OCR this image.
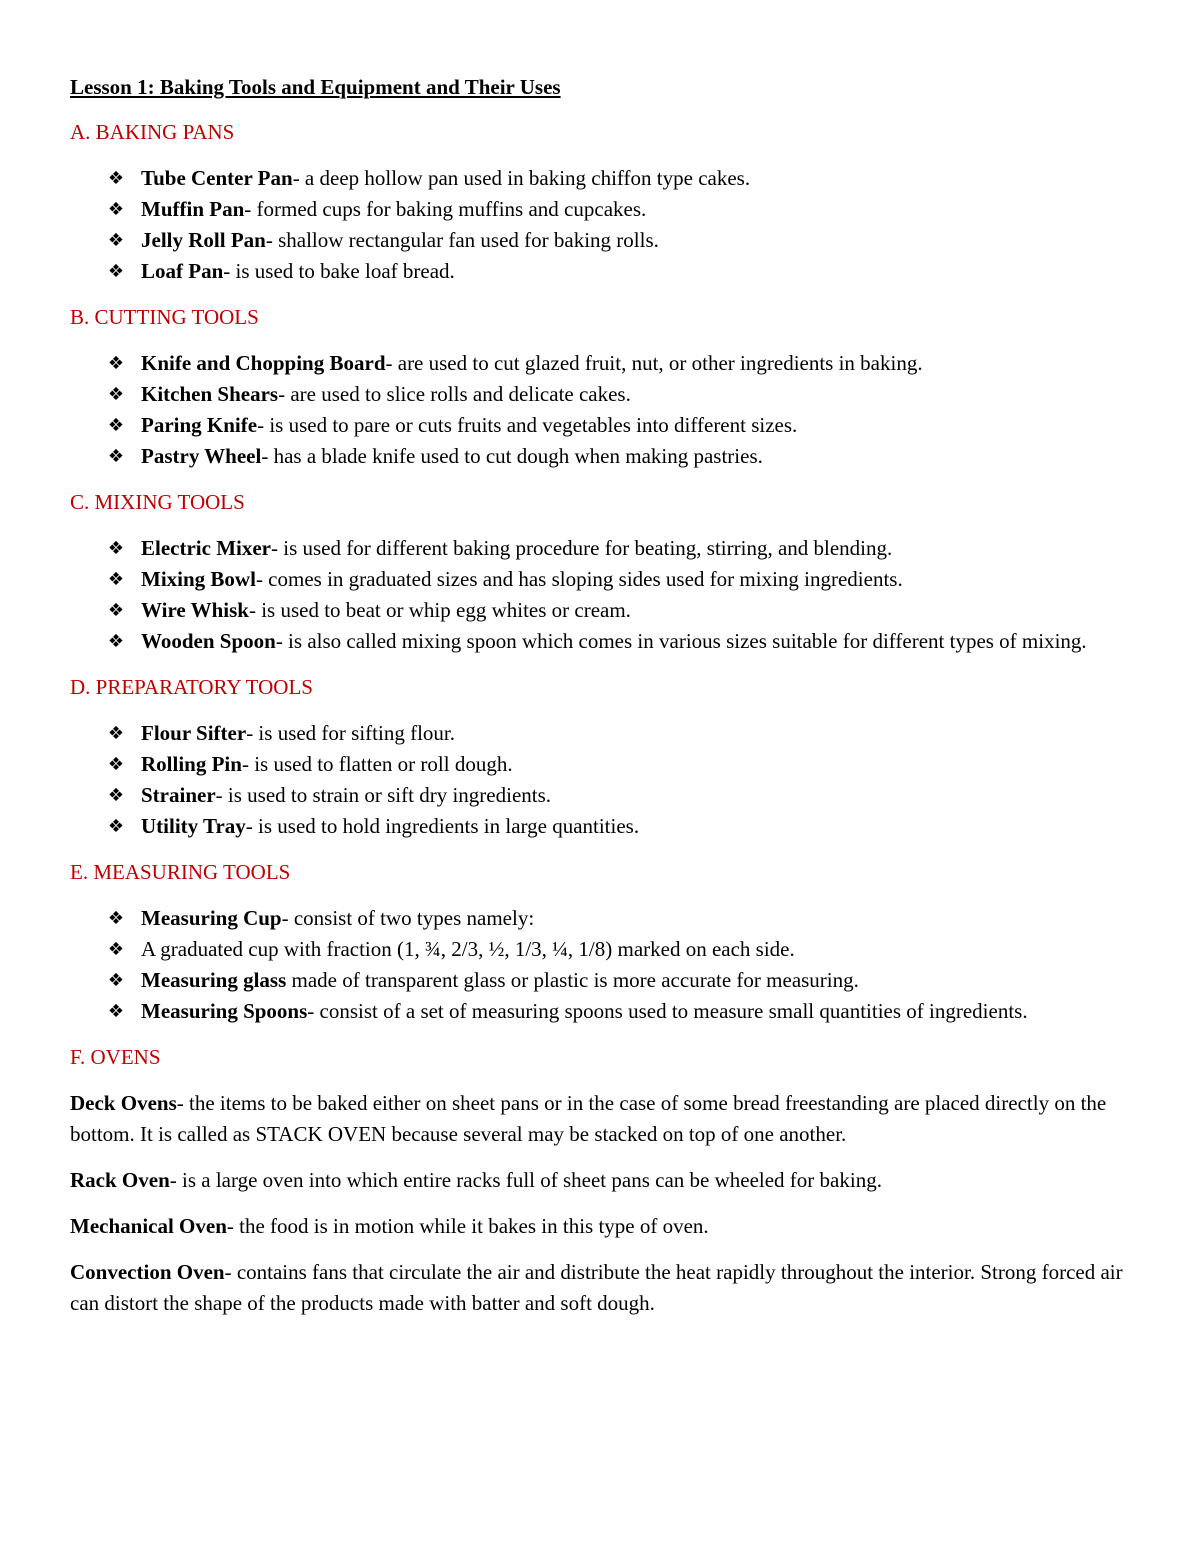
Lesson 1: Baking Tools and Equipment and Their Uses
A. BAKING PANS
❖ Tube Center Pan- a deep hollow pan used in baking chiffon type cakes.
❖ Muffin Pan- formed cups for baking muffins and cupcakes.
❖ Jelly Roll Pan- shallow rectangular fan used for baking rolls.
❖ Loaf Pan- is used to bake loaf bread.
B. CUTTING TOOLS
❖ Knife and Chopping Board- are used to cut glazed fruit, nut, or other ingredients in baking.
❖ Kitchen Shears- are used to slice rolls and delicate cakes.
❖ Paring Knife- is used to pare or cuts fruits and vegetables into different sizes.
❖ Pastry Wheel- has a blade knife used to cut dough when making pastries.
C. MIXING TOOLS
❖ Electric Mixer- is used for different baking procedure for beating, stirring, and blending.
❖ Mixing Bowl- comes in graduated sizes and has sloping sides used for mixing ingredients.
❖ Wire Whisk- is used to beat or whip egg whites or cream.
❖ Wooden Spoon- is also called mixing spoon which comes in various sizes suitable for different types of mixing.
D. PREPARATORY TOOLS
❖ Flour Sifter- is used for sifting flour.
❖ Rolling Pin- is used to flatten or roll dough.
❖ Strainer- is used to strain or sift dry ingredients.
❖ Utility Tray- is used to hold ingredients in large quantities.
E. MEASURING TOOLS
❖ Measuring Cup- consist of two types namely:
❖ A graduated cup with fraction (1, ¾, 2/3, ½, 1/3, ¼, 1/8) marked on each side.
❖ Measuring glass made of transparent glass or plastic is more accurate for measuring.
❖ Measuring Spoons- consist of a set of measuring spoons used to measure small quantities of ingredients.
F. OVENS

Deck Ovens- the items to be baked either on sheet pans or in the case of some bread freestanding are placed directly on the bottom. It is called as STACK OVEN because several may be stacked on top of one another.

Rack Oven- is a large oven into which entire racks full of sheet pans can be wheeled for baking.

Mechanical Oven- the food is in motion while it bakes in this type of oven.

Convection Oven- contains fans that circulate the air and distribute the heat rapidly throughout the interior. Strong forced air can distort the shape of the products made with batter and soft dough.
